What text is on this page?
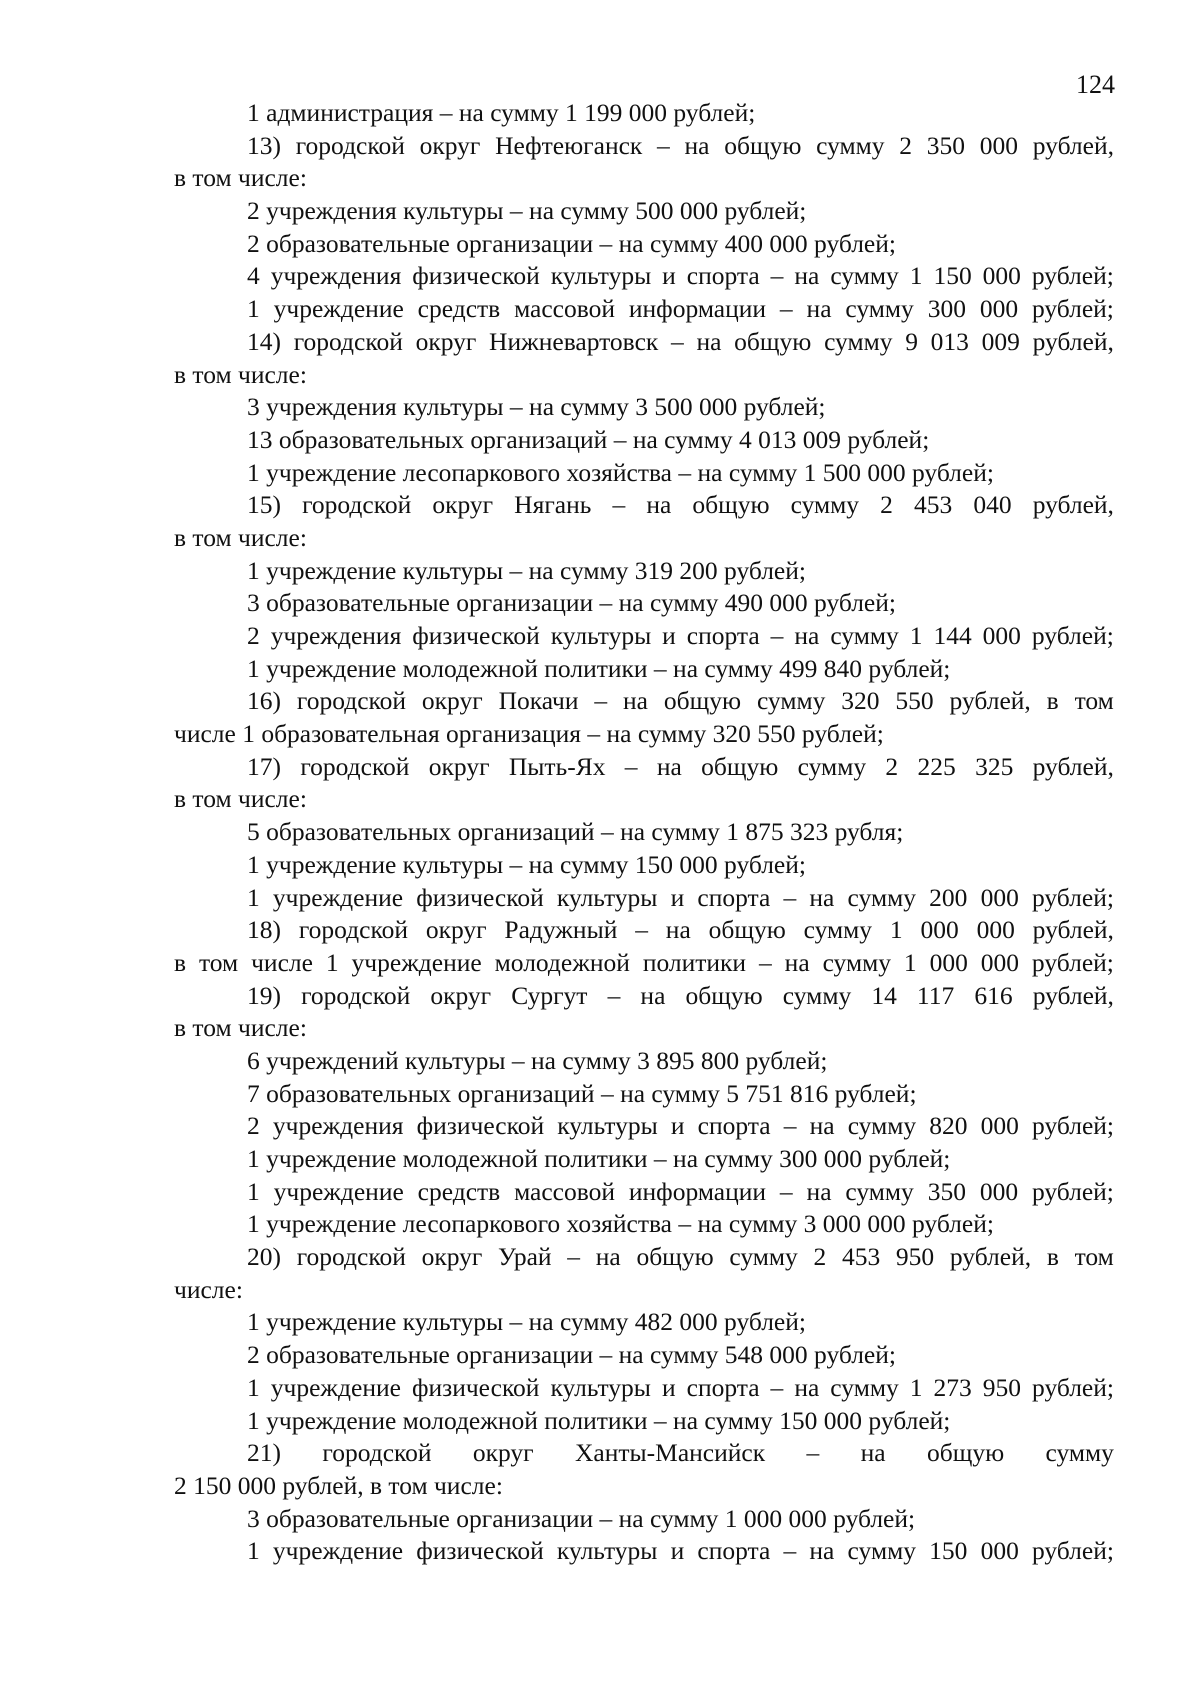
124
1 администрация – на сумму 1 199 000 рублей;
13) городской округ Нефтеюганск – на общую сумму 2 350 000 рублей,
в том числе:
2 учреждения культуры – на сумму 500 000 рублей;
2 образовательные организации – на сумму 400 000 рублей;
4 учреждения физической культуры и спорта – на сумму 1 150 000 рублей;
1 учреждение средств массовой информации – на сумму 300 000 рублей;
14) городской округ Нижневартовск – на общую сумму 9 013 009 рублей,
в том числе:
3 учреждения культуры – на сумму 3 500 000 рублей;
13 образовательных организаций – на сумму 4 013 009 рублей;
1 учреждение лесопаркового хозяйства – на сумму 1 500 000 рублей;
15) городской округ Нягань – на общую сумму 2 453 040 рублей,
в том числе:
1 учреждение культуры – на сумму 319 200 рублей;
3 образовательные организации – на сумму 490 000 рублей;
2 учреждения физической культуры и спорта – на сумму 1 144 000 рублей;
1 учреждение молодежной политики – на сумму 499 840 рублей;
16) городской округ Покачи – на общую сумму 320 550 рублей, в том
числе 1 образовательная организация – на сумму 320 550 рублей;
17) городской округ Пыть-Ях – на общую сумму 2 225 325 рублей,
в том числе:
5 образовательных организаций – на сумму 1 875 323 рубля;
1 учреждение культуры – на сумму 150 000 рублей;
1 учреждение физической культуры и спорта – на сумму 200 000 рублей;
18) городской округ Радужный – на общую сумму 1 000 000 рублей,
в том числе 1 учреждение молодежной политики – на сумму 1 000 000 рублей;
19) городской округ Сургут – на общую сумму 14 117 616 рублей,
в том числе:
6 учреждений культуры – на сумму 3 895 800 рублей;
7 образовательных организаций – на сумму 5 751 816 рублей;
2 учреждения физической культуры и спорта – на сумму 820 000 рублей;
1 учреждение молодежной политики – на сумму 300 000 рублей;
1 учреждение средств массовой информации – на сумму 350 000 рублей;
1 учреждение лесопаркового хозяйства – на сумму 3 000 000 рублей;
20) городской округ Урай – на общую сумму 2 453 950 рублей, в том
числе:
1 учреждение культуры – на сумму 482 000 рублей;
2 образовательные организации – на сумму 548 000 рублей;
1 учреждение физической культуры и спорта – на сумму 1 273 950 рублей;
1 учреждение молодежной политики – на сумму 150 000 рублей;
21) городской округ Ханты-Мансийск – на общую сумму
2 150 000 рублей, в том числе:
3 образовательные организации – на сумму 1 000 000 рублей;
1 учреждение физической культуры и спорта – на сумму 150 000 рублей;
